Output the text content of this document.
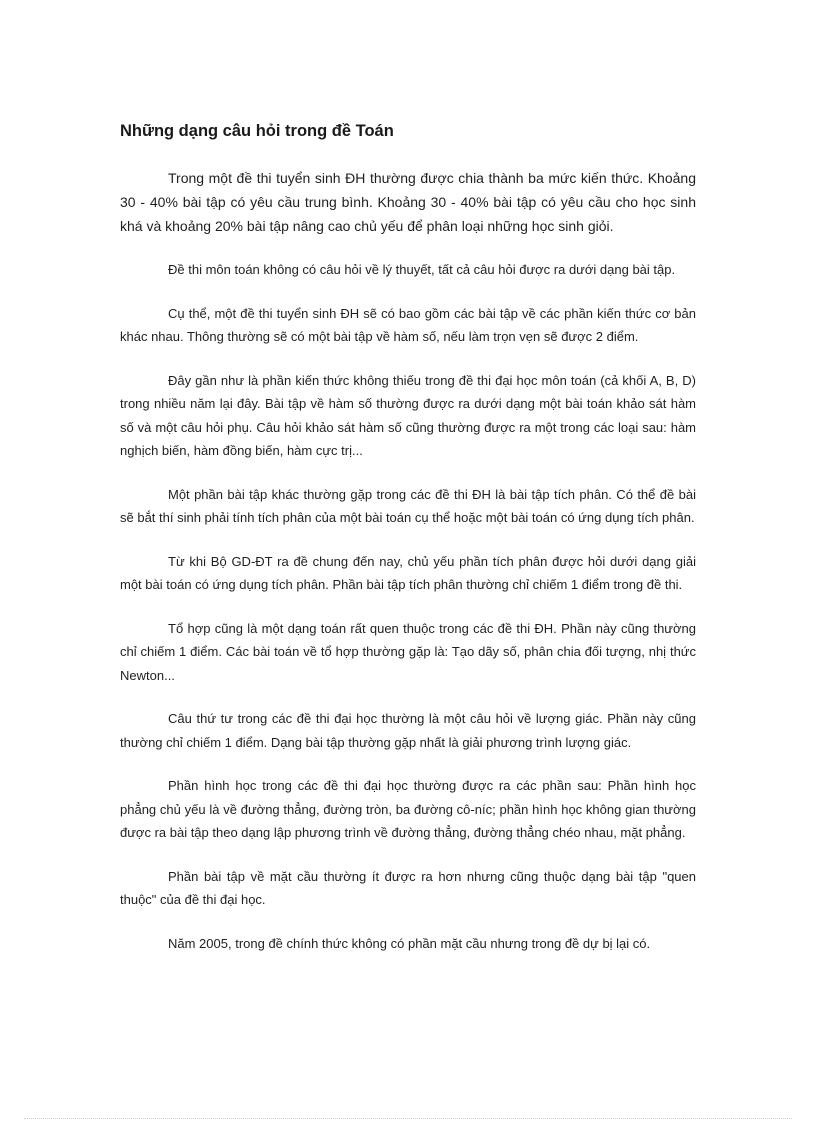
Những dạng câu hỏi trong đề Toán

Trong một đề thi tuyển sinh ĐH thường được chia thành ba mức kiến thức. Khoảng 30 - 40% bài tập có yêu cầu trung bình. Khoảng 30 - 40% bài tập có yêu cầu cho học sinh khá và khoảng 20% bài tập nâng cao chủ yếu để phân loại những học sinh giỏi.

Đề thi môn toán không có câu hỏi về lý thuyết, tất cả câu hỏi được ra dưới dạng bài tập.

Cụ thể, một đề thi tuyển sinh ĐH sẽ có bao gồm các bài tập về các phần kiến thức cơ bản khác nhau. Thông thường sẽ có một bài tập về hàm số, nếu làm trọn vẹn sẽ được 2 điểm.

Đây gần như là phần kiến thức không thiếu trong đề thi đại học môn toán (cả khối A, B, D) trong nhiều năm lại đây. Bài tập về hàm số thường được ra dưới dạng một bài toán khảo sát hàm số và một câu hỏi phụ. Câu hỏi khảo sát hàm số cũng thường được ra một trong các loại sau: hàm nghịch biến, hàm đồng biến, hàm cực trị...

Một phần bài tập khác thường gặp trong các đề thi ĐH là bài tập tích phân. Có thể đề bài sẽ bắt thí sinh phải tính tích phân của một bài toán cụ thể hoặc một bài toán có ứng dụng tích phân.

Từ khi Bộ GD-ĐT ra đề chung đến nay, chủ yếu phần tích phân được hỏi dưới dạng giải một bài toán có ứng dụng tích phân. Phần bài tập tích phân thường chỉ chiếm 1 điểm trong đề thi.

Tổ hợp cũng là một dạng toán rất quen thuộc trong các đề thi ĐH. Phần này cũng thường chỉ chiếm 1 điểm. Các bài toán về tổ hợp thường gặp là: Tạo dãy số, phân chia đối tượng, nhị thức Newton...

Câu thứ tư trong các đề thi đại học thường là một câu hỏi về lượng giác. Phần này cũng thường chỉ chiếm 1 điểm. Dạng bài tập thường gặp nhất là giải phương trình lượng giác.

Phần hình học trong các đề thi đại học thường được ra các phần sau: Phần hình học phẳng chủ yếu là về đường thẳng, đường tròn, ba đường cô-níc; phần hình học không gian thường được ra bài tập theo dạng lập phương trình về đường thẳng, đường thẳng chéo nhau, mặt phẳng.

Phần bài tập về mặt cầu thường ít được ra hơn nhưng cũng thuộc dạng bài tập "quen thuộc" của đề thi đại học.

Năm 2005, trong đề chính thức không có phần mặt cầu nhưng trong đề dự bị lại có.
